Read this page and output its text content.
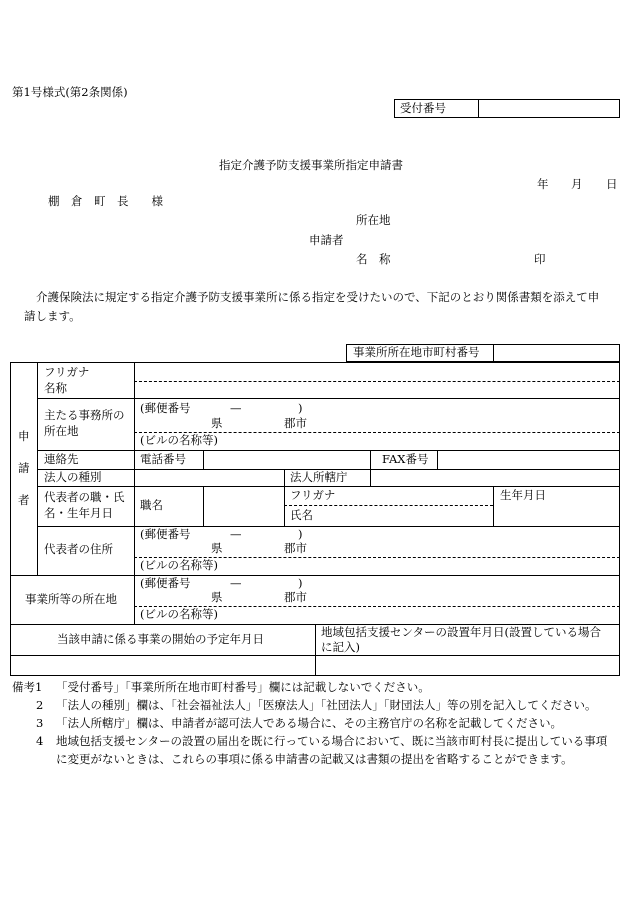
第1号様式(第2条関係)
受付番号
指定介護予防支援事業所指定申請書
年 月 日
棚　倉　町　長　　様
所在地
申請者
名　称	印
介護保険法に規定する指定介護予防支援事業所に係る指定を受けたいので、下記のとおり関係書類を添えて申
請します。
事業所所在地市町村番号
申
請
者
フリガナ
名称
主たる事務所の
所在地
(郵便番号	—	)
県	郡市
(ビルの名称等)
連絡先	電話番号	FAX番号
法人の種別	法人所轄庁
代表者の職・氏
名・生年月日
職名
フリガナ
氏名
生年月日
代表者の住所
(郵便番号	—	)
県	郡市
(ビルの名称等)
事業所等の所在地
(郵便番号	—	)
県	郡市
(ビルの名称等)
当該申請に係る事業の開始の予定年月日	地域包括支援センターの設置年月日(設置している場合
に記入)
備考1 「受付番号」「事業所所在地市町村番号」欄には記載しないでください。
2 「法人の種別」欄は、「社会福祉法人」「医療法人」「社団法人」「財団法人」等の別を記入してください。
3 「法人所轄庁」欄は、申請者が認可法人である場合に、その主務官庁の名称を記載してください。
4 地域包括支援センターの設置の届出を既に行っている場合において、既に当該市町村長に提出している事項
に変更がないときは、これらの事項に係る申請書の記載又は書類の提出を省略することができます。
